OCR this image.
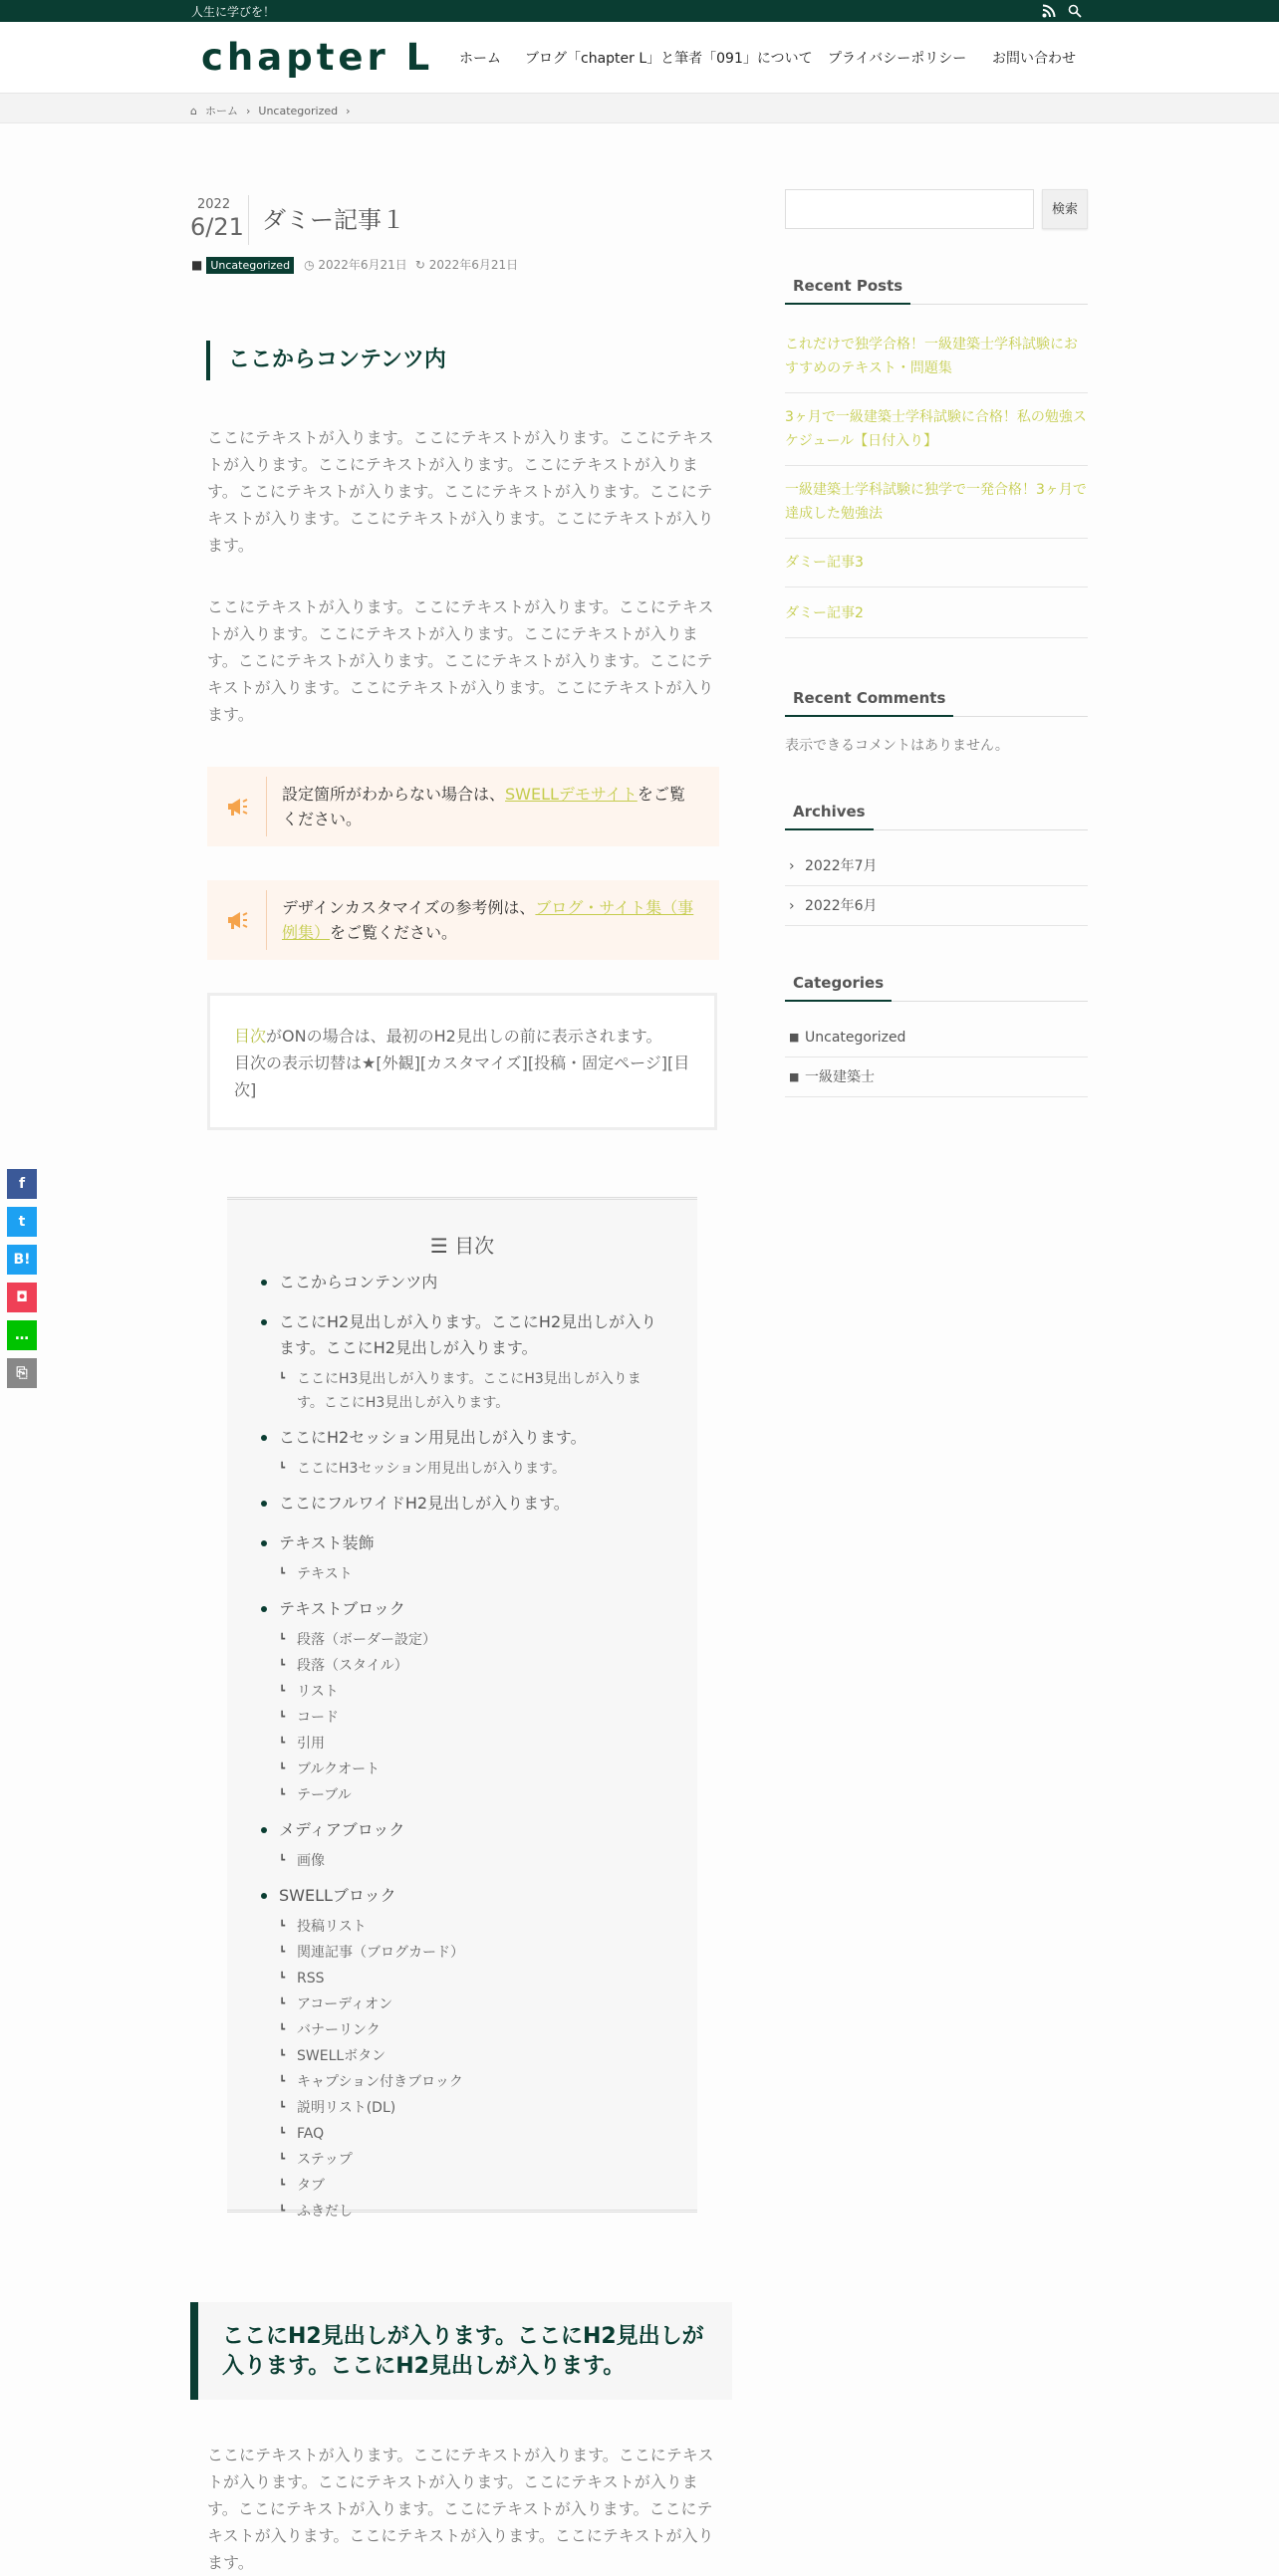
人生に学びを！
chapter L ホーム ブログ「chapter L」と筆者「091」について プライバシーポリシー お問い合わせ
⌂ ホーム › Uncategorized ›
2022
6/21 ダミー記事１
■ Uncategorized ◷ 2022年6月21日 ↻ 2022年6月21日
ここからコンテンツ内
ここにテキストが入ります。ここにテキストが入ります。ここにテキストが入ります。ここにテキストが入ります。ここにテキストが入ります。ここにテキストが入ります。ここにテキストが入ります。ここにテキストが入ります。ここにテキストが入ります。ここにテキストが入ります。
ここにテキストが入ります。ここにテキストが入ります。ここにテキストが入ります。ここにテキストが入ります。ここにテキストが入ります。ここにテキストが入ります。ここにテキストが入ります。ここにテキストが入ります。ここにテキストが入ります。ここにテキストが入ります。
設定箇所がわからない場合は、SWELLデモサイトをご覧ください。
デザインカスタマイズの参考例は、ブログ・サイト集（事例集）をご覧ください。
目次がONの場合は、最初のH2見出しの前に表示されます。
目次の表示切替は★[外観][カスタマイズ][投稿・固定ページ][目次]
☰ 目次
ここからコンテンツ内
ここにH2見出しが入ります。ここにH2見出しが入ります。ここにH2見出しが入ります。
┗ ここにH3見出しが入ります。ここにH3見出しが入ります。ここにH3見出しが入ります。
ここにH2セッション用見出しが入ります。
┗ ここにH3セッション用見出しが入ります。
ここにフルワイドH2見出しが入ります。
テキスト装飾
┗ テキスト
テキストブロック
┗ 段落（ボーダー設定）
┗ 段落（スタイル）
┗ リスト
┗ コード
┗ 引用
┗ ブルクオート
┗ テーブル
メディアブロック
┗ 画像
SWELLブロック
┗ 投稿リスト
┗ 関連記事（ブログカード）
┗ RSS
┗ アコーディオン
┗ バナーリンク
┗ SWELLボタン
┗ キャプション付きブロック
┗ 説明リスト(DL)
┗ FAQ
┗ ステップ
┗ タブ
┗ ふきだし
ここにH2見出しが入ります。ここにH2見出しが入ります。ここにH2見出しが入ります。
ここにテキストが入ります。ここにテキストが入ります。ここにテキストが入ります。ここにテキストが入ります。ここにテキストが入ります。ここにテキストが入ります。ここにテキストが入ります。ここにテキストが入ります。ここにテキストが入ります。ここにテキストが入ります。
検索
Recent Posts
これだけで独学合格！一級建築士学科試験におすすめのテキスト・問題集
3ヶ月で一級建築士学科試験に合格！私の勉強スケジュール【日付入り】
一級建築士学科試験に独学で一発合格！3ヶ月で達成した勉強法
ダミー記事3
ダミー記事2
Recent Comments
表示できるコメントはありません。
Archives
› 2022年7月
› 2022年6月
Categories
■ Uncategorized
■ 一級建築士
f
t
B!
◘
…
⎘
